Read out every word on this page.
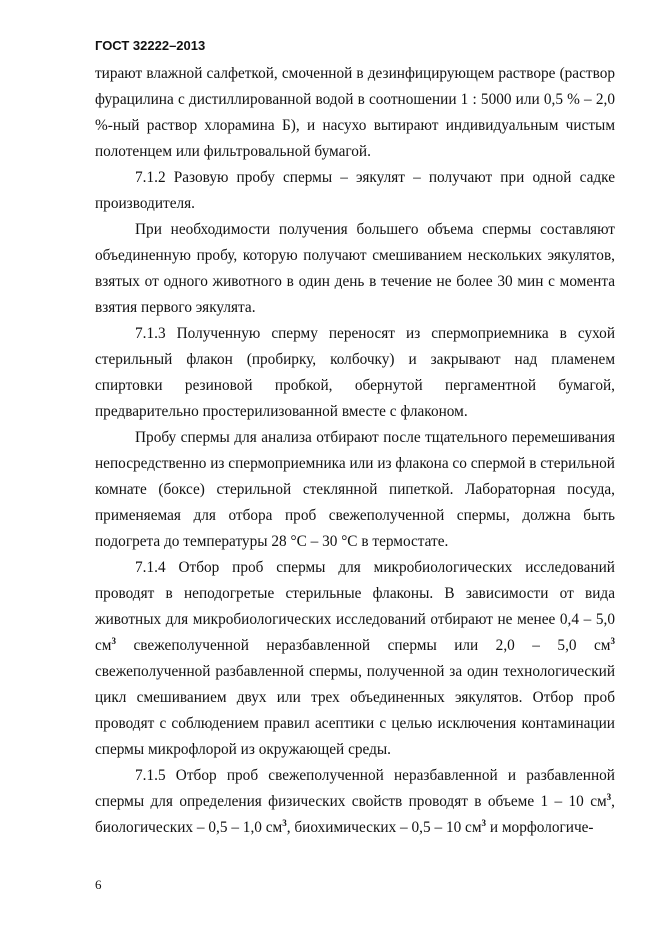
ГОСТ 32222–2013

тирают влажной салфеткой, смоченной в дезинфицирующем растворе (раствор фурацилина с дистиллированной водой в соотношении 1 : 5000 или 0,5 % – 2,0 %-ный раствор хлорамина Б), и насухо вытирают индивидуальным чистым полотенцем или фильтровальной бумагой.

7.1.2 Разовую пробу спермы – эякулят – получают при одной садке производителя.

При необходимости получения большего объема спермы составляют объединенную пробу, которую получают смешиванием нескольких эякулятов, взятых от одного животного в один день в течение не более 30 мин с момента взятия первого эякулята.

7.1.3 Полученную сперму переносят из спермоприемника в сухой стерильный флакон (пробирку, колбочку) и закрывают над пламенем спиртовки резиновой пробкой, обернутой пергаментной бумагой, предварительно простерилизованной вместе с флаконом.

Пробу спермы для анализа отбирают после тщательного перемешивания непосредственно из спермоприемника или из флакона со спермой в стерильной комнате (боксе) стерильной стеклянной пипеткой. Лабораторная посуда, применяемая для отбора проб свежеполученной спермы, должна быть подогрета до температуры 28 °С – 30 °С в термостате.

7.1.4 Отбор проб спермы для микробиологических исследований проводят в неподогретые стерильные флаконы. В зависимости от вида животных для микробиологических исследований отбирают не менее 0,4 – 5,0 $см^3$ свежеполученной неразбавленной спермы или 2,0 – 5,0 $см^3$ свежеполученной разбавленной спермы, полученной за один технологический цикл смешиванием двух или трех объединенных эякулятов. Отбор проб проводят с соблюдением правил асептики с целью исключения контаминации спермы микрофлорой из окружающей среды.

7.1.5 Отбор проб свежеполученной неразбавленной и разбавленной спермы для определения физических свойств проводят в объеме 1 – 10 $см^3$, биологических – 0,5 – 1,0 $см^3$, биохимических – 0,5 – 10 $см^3$ и морфологиче-

6
